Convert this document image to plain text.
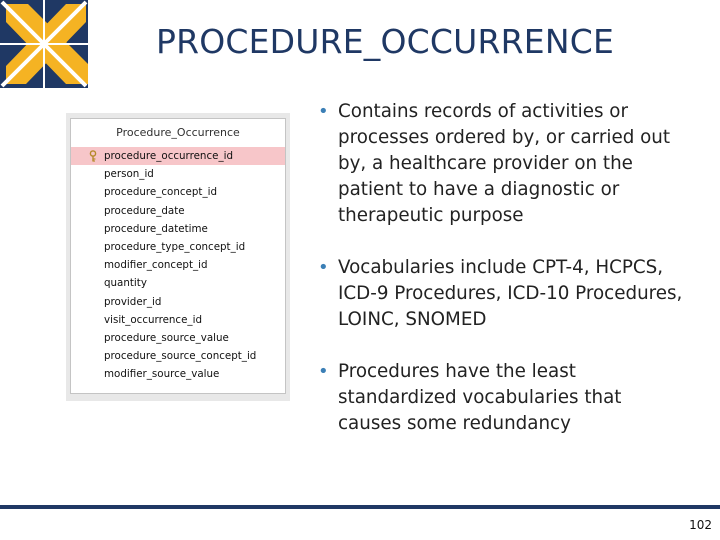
PROCEDURE_OCCURRENCE
Procedure_Occurrence
procedure_occurrence_id
person_id
procedure_concept_id
procedure_date
procedure_datetime
procedure_type_concept_id
modifier_concept_id
quantity
provider_id
visit_occurrence_id
procedure_source_value
procedure_source_concept_id
modifier_source_value
• Contains records of activities or processes ordered by, or carried out by, a healthcare provider on the patient to have a diagnostic or therapeutic purpose
• Vocabularies include CPT-4, HCPCS, ICD-9 Procedures, ICD-10 Procedures, LOINC, SNOMED
• Procedures have the least standardized vocabularies that causes some redundancy
102
